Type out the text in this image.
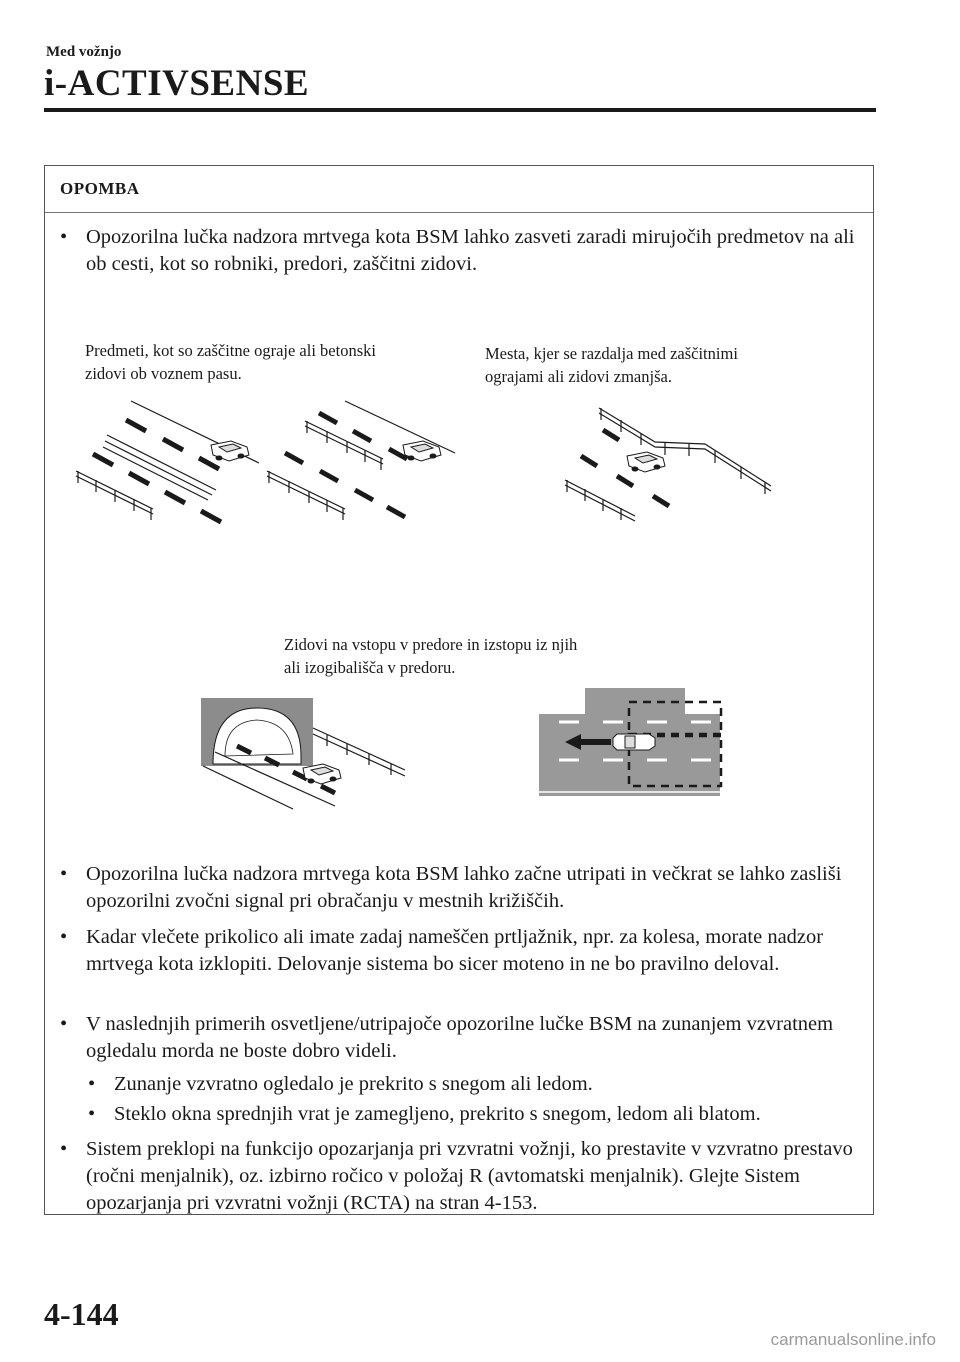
Med vožnjo
i-ACTIVSENSE
OPOMBA
• Opozorilna lučka nadzora mrtvega kota BSM lahko zasveti zaradi mirujočih predmetov na ali ob cesti, kot so robniki, predori, zaščitni zidovi.
Predmeti, kot so zaščitne ograje ali betonski
zidovi ob voznem pasu.
Mesta, kjer se razdalja med zaščitnimi
ograjami ali zidovi zmanjša.
Zidovi na vstopu v predore in izstopu iz njih
ali izogibališča v predoru.
• Opozorilna lučka nadzora mrtvega kota BSM lahko začne utripati in večkrat se lahko zasliši opozorilni zvočni signal pri obračanju v mestnih križiščih.
• Kadar vlečete prikolico ali imate zadaj nameščen prtljažnik, npr. za kolesa, morate nadzor mrtvega kota izklopiti. Delovanje sistema bo sicer moteno in ne bo pravilno deloval.
• V naslednjih primerih osvetljene/utripajoče opozorilne lučke BSM na zunanjem vzvratnem ogledalu morda ne boste dobro videli.
• Zunanje vzvratno ogledalo je prekrito s snegom ali ledom.
• Steklo okna sprednjih vrat je zamegljeno, prekrito s snegom, ledom ali blatom.
• Sistem preklopi na funkcijo opozarjanja pri vzvratni vožnji, ko prestavite v vzvratno prestavo (ročni menjalnik), oz. izbirno ročico v položaj R (avtomatski menjalnik). Glejte Sistem opozarjanja pri vzvratni vožnji (RCTA) na stran 4-153.
4-144
carmanualsonline.info
